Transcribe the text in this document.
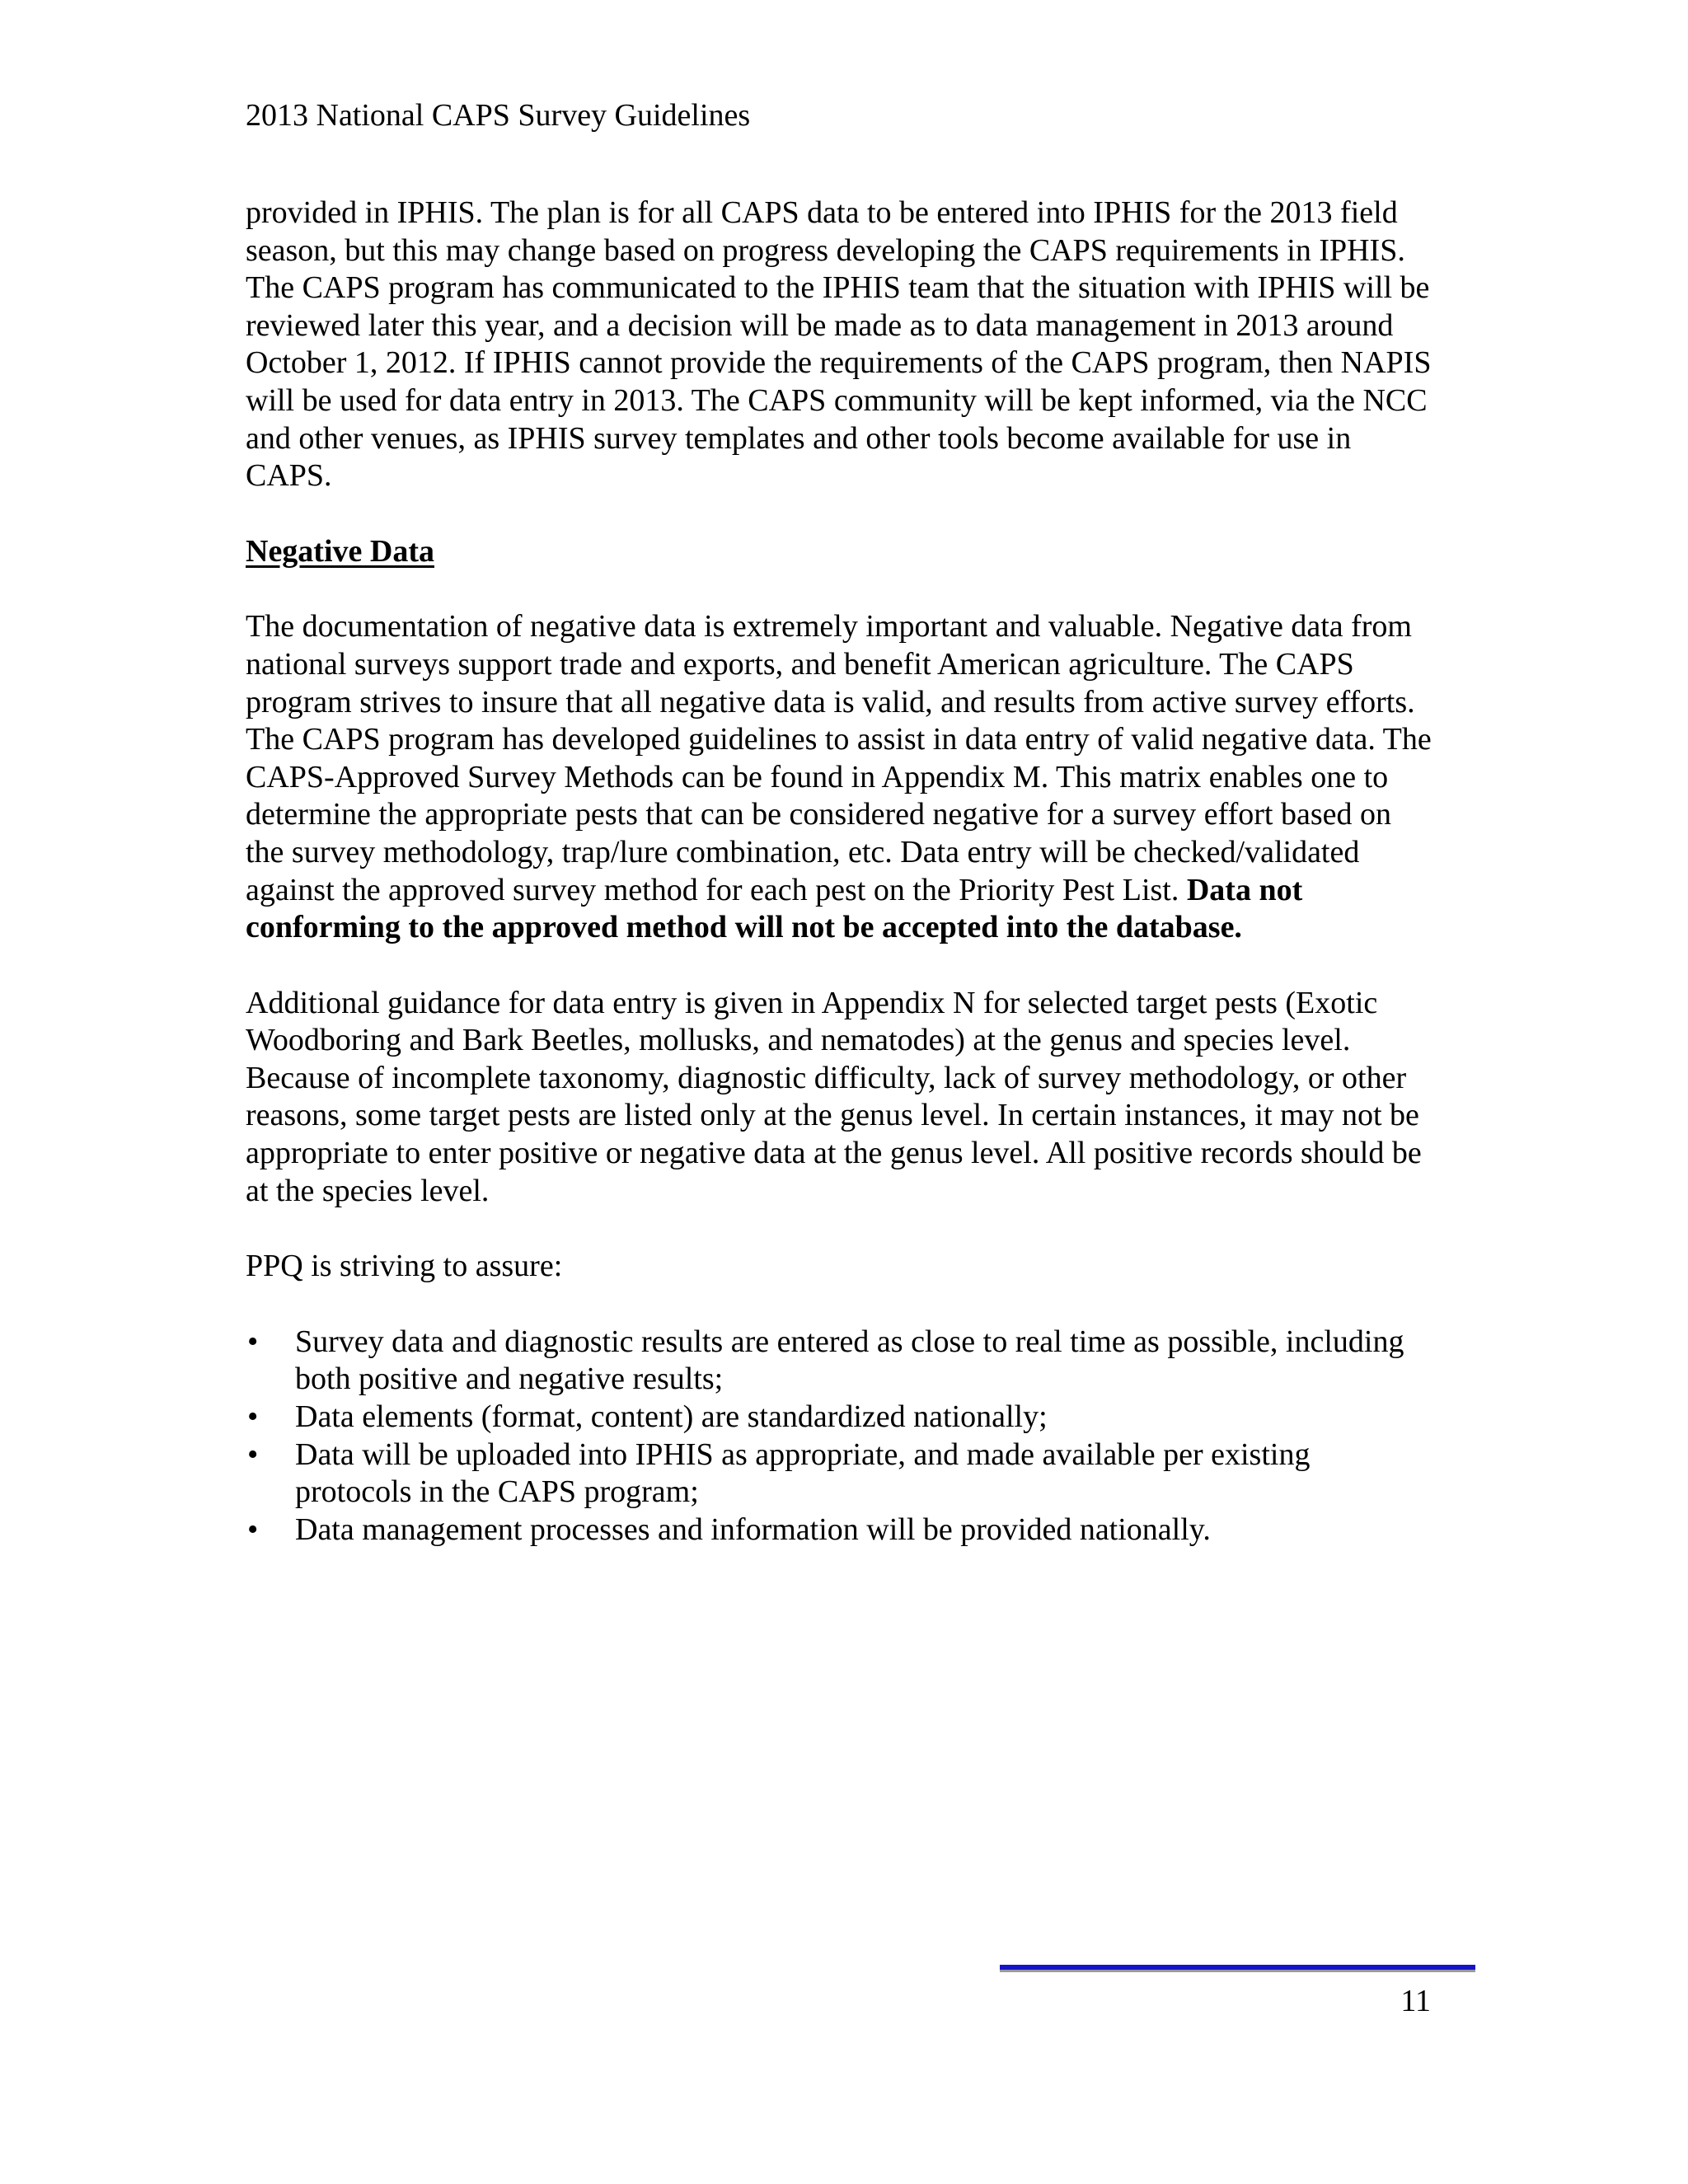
2013 National CAPS Survey Guidelines

provided in IPHIS. The plan is for all CAPS data to be entered into IPHIS for the 2013 field season, but this may change based on progress developing the CAPS requirements in IPHIS. The CAPS program has communicated to the IPHIS team that the situation with IPHIS will be reviewed later this year, and a decision will be made as to data management in 2013 around October 1, 2012. If IPHIS cannot provide the requirements of the CAPS program, then NAPIS will be used for data entry in 2013. The CAPS community will be kept informed, via the NCC and other venues, as IPHIS survey templates and other tools become available for use in CAPS.

Negative Data

The documentation of negative data is extremely important and valuable. Negative data from national surveys support trade and exports, and benefit American agriculture. The CAPS program strives to insure that all negative data is valid, and results from active survey efforts. The CAPS program has developed guidelines to assist in data entry of valid negative data. The CAPS-Approved Survey Methods can be found in Appendix M. This matrix enables one to determine the appropriate pests that can be considered negative for a survey effort based on the survey methodology, trap/lure combination, etc. Data entry will be checked/validated against the approved survey method for each pest on the Priority Pest List. Data not conforming to the approved method will not be accepted into the database.

Additional guidance for data entry is given in Appendix N for selected target pests (Exotic Woodboring and Bark Beetles, mollusks, and nematodes) at the genus and species level. Because of incomplete taxonomy, diagnostic difficulty, lack of survey methodology, or other reasons, some target pests are listed only at the genus level. In certain instances, it may not be appropriate to enter positive or negative data at the genus level. All positive records should be at the species level.

PPQ is striving to assure:

• Survey data and diagnostic results are entered as close to real time as possible, including both positive and negative results;
• Data elements (format, content) are standardized nationally;
• Data will be uploaded into IPHIS as appropriate, and made available per existing protocols in the CAPS program;
• Data management processes and information will be provided nationally.
11
